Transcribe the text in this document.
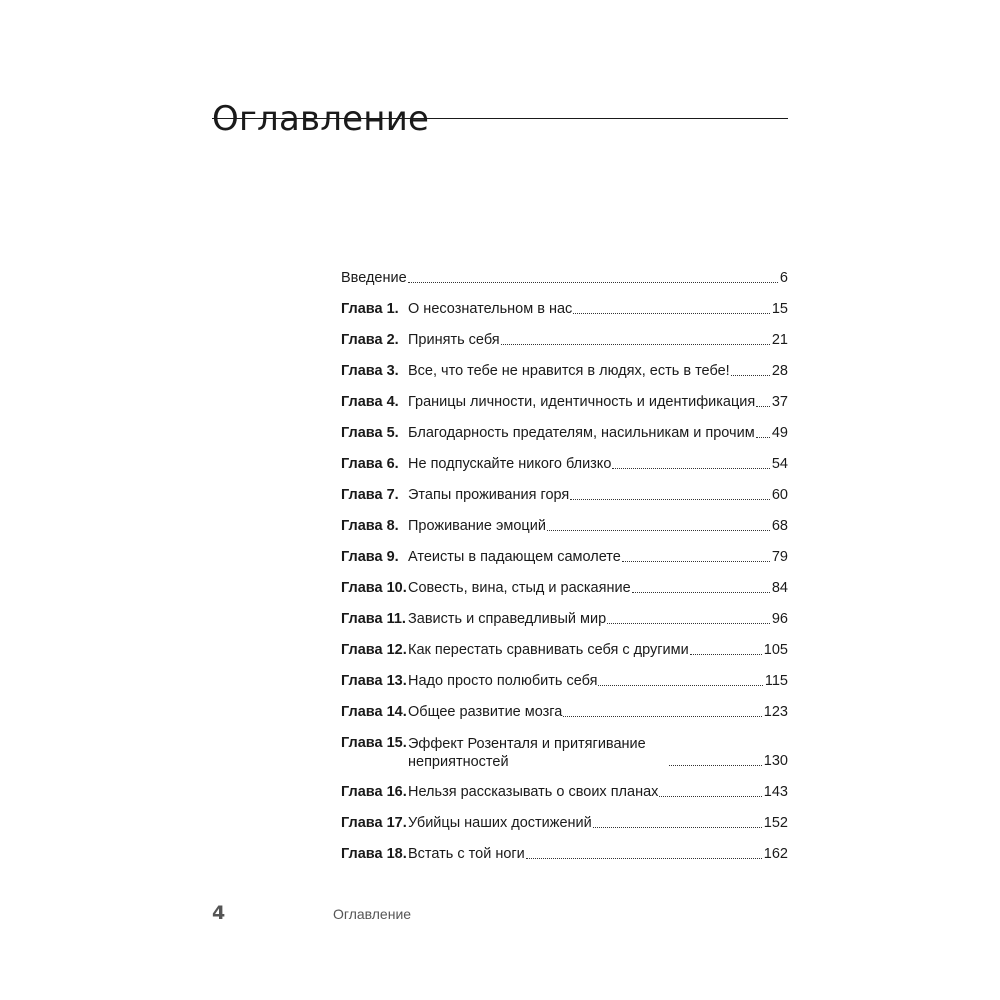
Оглавление
Введение	6
Глава 1. О несознательном в нас	15
Глава 2. Принять себя	21
Глава 3. Все, что тебе не нравится в людях, есть в тебе!	28
Глава 4. Границы личности, идентичность и идентификация 37
Глава 5. Благодарность предателям, насильникам и прочим 49
Глава 6. Не подпускайте никого близко	54
Глава 7. Этапы проживания горя	60
Глава 8. Проживание эмоций	68
Глава 9. Атеисты в падающем самолете	79
Глава 10. Совесть, вина, стыд и раскаяние	84
Глава 11. Зависть и справедливый мир	96
Глава 12. Как перестать сравнивать себя с другими	105
Глава 13. Надо просто полюбить себя	115
Глава 14. Общее развитие мозга	123
Глава 15. Эффект Розенталя и притягивание неприятностей	130
Глава 16. Нельзя рассказывать о своих планах	143
Глава 17. Убийцы наших достижений	152
Глава 18. Встать с той ноги	162
4	Оглавление
